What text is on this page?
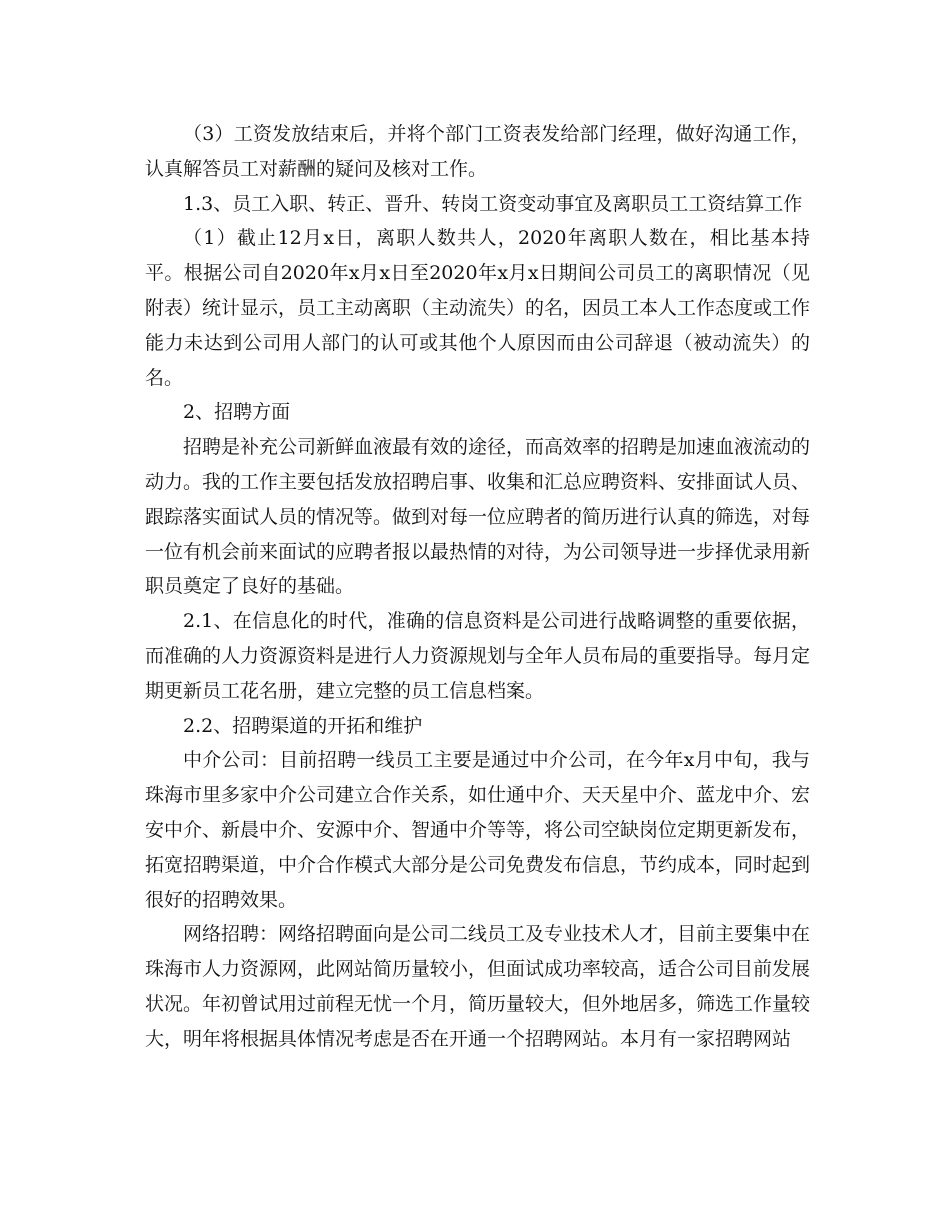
（3）工资发放结束后，并将个部门工资表发给部门经理，做好沟通工作，认真解答员工对薪酬的疑问及核对工作。

1.3、员工入职、转正、晋升、转岗工资变动事宜及离职员工工资结算工作

（1）截止12月x日，离职人数共人，2020年离职人数在，相比基本持平。根据公司自2020年x月x日至2020年x月x日期间公司员工的离职情况（见附表）统计显示，员工主动离职（主动流失）的名，因员工本人工作态度或工作能力未达到公司用人部门的认可或其他个人原因而由公司辞退（被动流失）的名。

2、招聘方面

招聘是补充公司新鲜血液最有效的途径，而高效率的招聘是加速血液流动的动力。我的工作主要包括发放招聘启事、收集和汇总应聘资料、安排面试人员、跟踪落实面试人员的情况等。做到对每一位应聘者的简历进行认真的筛选，对每一位有机会前来面试的应聘者报以最热情的对待，为公司领导进一步择优录用新职员奠定了良好的基础。

2.1、在信息化的时代，准确的信息资料是公司进行战略调整的重要依据，而准确的人力资源资料是进行人力资源规划与全年人员布局的重要指导。每月定期更新员工花名册，建立完整的员工信息档案。

2.2、招聘渠道的开拓和维护

中介公司：目前招聘一线员工主要是通过中介公司，在今年x月中旬，我与珠海市里多家中介公司建立合作关系，如仕通中介、天天星中介、蓝龙中介、宏安中介、新晨中介、安源中介、智通中介等等，将公司空缺岗位定期更新发布，拓宽招聘渠道，中介合作模式大部分是公司免费发布信息，节约成本，同时起到很好的招聘效果。

网络招聘：网络招聘面向是公司二线员工及专业技术人才，目前主要集中在珠海市人力资源网，此网站简历量较小，但面试成功率较高，适合公司目前发展状况。年初曾试用过前程无忧一个月，简历量较大，但外地居多，筛选工作量较大，明年将根据具体情况考虑是否在开通一个招聘网站。本月有一家招聘网站
